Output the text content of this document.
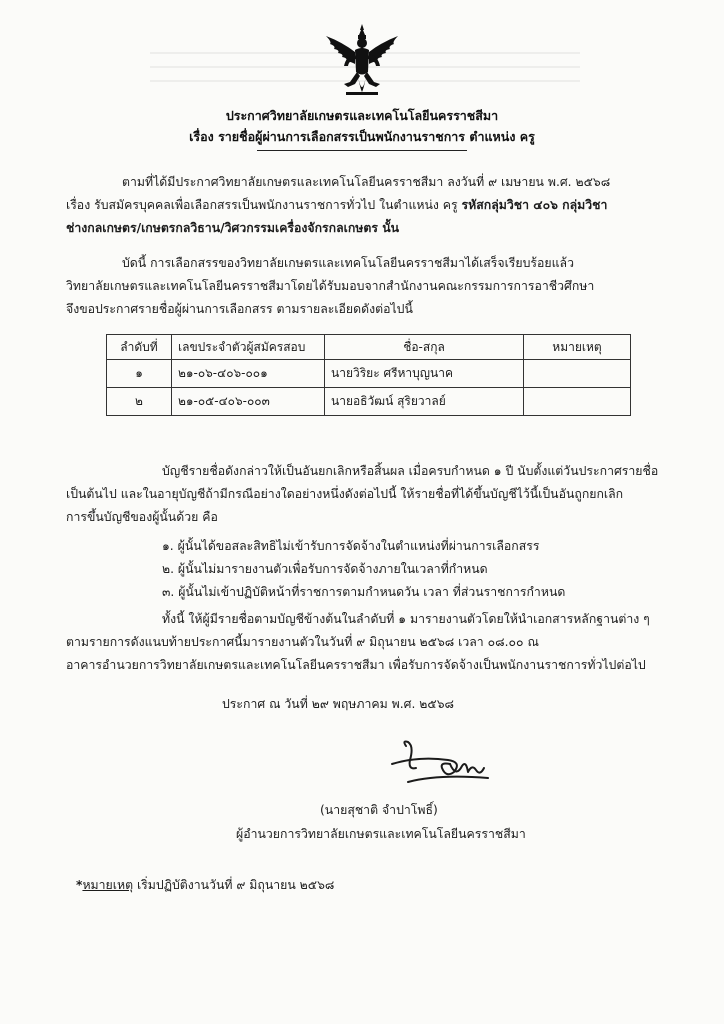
ประกาศวิทยาลัยเกษตรและเทคโนโลยีนครราชสีมา
เรื่อง รายชื่อผู้ผ่านการเลือกสรรเป็นพนักงานราชการ ตำแหน่ง ครู
ตามที่ได้มีประกาศวิทยาลัยเกษตรและเทคโนโลยีนครราชสีมา ลงวันที่ ๙ เมษายน พ.ศ. ๒๕๖๘
เรื่อง รับสมัครบุคคลเพื่อเลือกสรรเป็นพนักงานราชการทั่วไป ในตำแหน่ง ครู รหัสกลุ่มวิชา ๔๐๖ กลุ่มวิชา
ช่างกลเกษตร/เกษตรกลวิธาน/วิศวกรรมเครื่องจักรกลเกษตร นั้น
บัดนี้ การเลือกสรรของวิทยาลัยเกษตรและเทคโนโลยีนครราชสีมาได้เสร็จเรียบร้อยแล้ว
วิทยาลัยเกษตรและเทคโนโลยีนครราชสีมาโดยได้รับมอบจากสำนักงานคณะกรรมการการอาชีวศึกษา
จึงขอประกาศรายชื่อผู้ผ่านการเลือกสรร ตามรายละเอียดดังต่อไปนี้
ลำดับที่	เลขประจำตัวผู้สมัครสอบ	ชื่อ-สกุล	หมายเหตุ
๑	๒๑-๐๖-๔๐๖-๐๐๑	นายวิริยะ ศรีหาบุญนาค	
๒	๒๑-๐๕-๔๐๖-๐๐๓	นายอธิวัฒน์ สุริยวาลย์	
บัญชีรายชื่อดังกล่าวให้เป็นอันยกเลิกหรือสิ้นผล เมื่อครบกำหนด ๑ ปี นับตั้งแต่วันประกาศรายชื่อ
เป็นต้นไป และในอายุบัญชีถ้ามีกรณีอย่างใดอย่างหนึ่งดังต่อไปนี้ ให้รายชื่อที่ได้ขึ้นบัญชีไว้นี้เป็นอันถูกยกเลิก
การขึ้นบัญชีของผู้นั้นด้วย คือ
๑. ผู้นั้นได้ขอสละสิทธิไม่เข้ารับการจัดจ้างในตำแหน่งที่ผ่านการเลือกสรร
๒. ผู้นั้นไม่มารายงานตัวเพื่อรับการจัดจ้างภายในเวลาที่กำหนด
๓. ผู้นั้นไม่เข้าปฏิบัติหน้าที่ราชการตามกำหนดวัน เวลา ที่ส่วนราชการกำหนด
ทั้งนี้ ให้ผู้มีรายชื่อตามบัญชีข้างต้นในลำดับที่ ๑ มารายงานตัวโดยให้นำเอกสารหลักฐานต่าง ๆ
ตามรายการดังแนบท้ายประกาศนี้มารายงานตัวในวันที่ ๙ มิถุนายน ๒๕๖๘ เวลา ๐๘.๐๐ ณ
อาคารอำนวยการวิทยาลัยเกษตรและเทคโนโลยีนครราชสีมา เพื่อรับการจัดจ้างเป็นพนักงานราชการทั่วไปต่อไป
ประกาศ ณ วันที่ ๒๙ พฤษภาคม พ.ศ. ๒๕๖๘
(นายสุชาติ จำปาโพธิ์)
ผู้อำนวยการวิทยาลัยเกษตรและเทคโนโลยีนครราชสีมา
*หมายเหตุ เริ่มปฏิบัติงานวันที่ ๙ มิถุนายน ๒๕๖๘
